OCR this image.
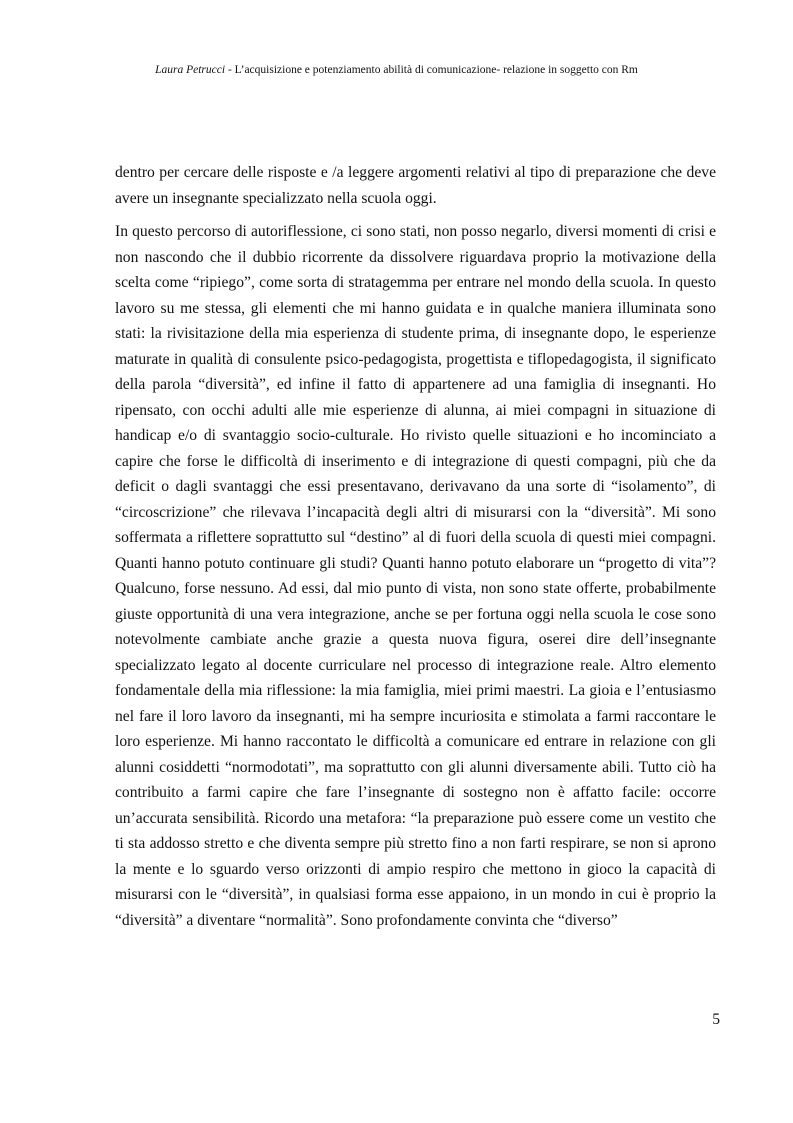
Laura Petrucci - L’acquisizione e potenziamento abilità di comunicazione- relazione in soggetto con Rm

dentro per cercare delle risposte e /a leggere argomenti relativi al tipo di preparazione che deve avere un insegnante specializzato nella scuola oggi.

In questo percorso di autoriflessione, ci sono stati, non posso negarlo, diversi momenti di crisi e non nascondo che il dubbio ricorrente da dissolvere riguardava proprio la motivazione della scelta come “ripiego”, come sorta di stratagemma per entrare nel mondo della scuola. In questo lavoro su me stessa, gli elementi che mi hanno guidata e in qualche maniera illuminata sono stati: la rivisitazione della mia esperienza di studente prima, di insegnante dopo, le esperienze maturate in qualità di consulente psico-pedagogista, progettista e tiflopedagogista, il significato della parola “diversità”, ed infine il fatto di appartenere ad una famiglia di insegnanti. Ho ripensato, con occhi adulti alle mie esperienze di alunna, ai miei compagni in situazione di handicap e/o di svantaggio socio-culturale. Ho rivisto quelle situazioni e ho incominciato a capire che forse le difficoltà di inserimento e di integrazione di questi compagni, più che da deficit o dagli svantaggi che essi presentavano, derivavano da una sorte di “isolamento”, di “circoscrizione” che rilevava l’incapacità degli altri di misurarsi con la “diversità”. Mi sono soffermata a riflettere soprattutto sul “destino” al di fuori della scuola di questi miei compagni. Quanti hanno potuto continuare gli studi? Quanti hanno potuto elaborare un “progetto di vita”? Qualcuno, forse nessuno. Ad essi, dal mio punto di vista, non sono state offerte, probabilmente giuste opportunità di una vera integrazione, anche se per fortuna oggi nella scuola le cose sono notevolmente cambiate anche grazie a questa nuova figura, oserei dire dell’insegnante specializzato legato al docente curriculare nel processo di integrazione reale. Altro elemento fondamentale della mia riflessione: la mia famiglia, miei primi maestri. La gioia e l’entusiasmo nel fare il loro lavoro da insegnanti, mi ha sempre incuriosita e stimolata a farmi raccontare le loro esperienze. Mi hanno raccontato le difficoltà a comunicare ed entrare in relazione con gli alunni cosiddetti “normodotati”, ma soprattutto con gli alunni diversamente abili. Tutto ciò ha contribuito a farmi capire che fare l’insegnante di sostegno non è affatto facile: occorre un’accurata sensibilità. Ricordo una metafora: “la preparazione può essere come un vestito che ti sta addosso stretto e che diventa sempre più stretto fino a non farti respirare, se non si aprono la mente e lo sguardo verso orizzonti di ampio respiro che mettono in gioco la capacità di misurarsi con le “diversità”, in qualsiasi forma esse appaiono, in un mondo in cui è proprio la “diversità” a diventare “normalità”. Sono profondamente convinta che “diverso”

5
